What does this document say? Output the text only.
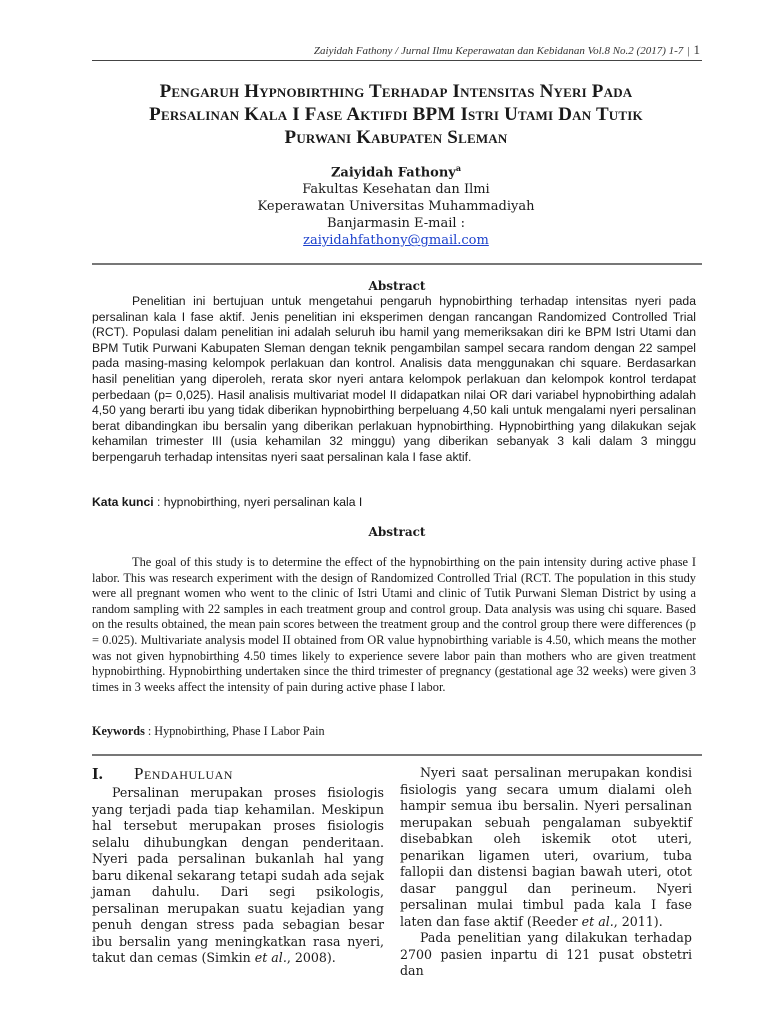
Zaiyidah Fathony / Jurnal Ilmu Keperawatan dan Kebidanan Vol.8 No.2 (2017) 1-7 | 1
Pengaruh Hypnobirthing Terhadap Intensitas Nyeri Pada
Persalinan Kala I Fase Aktifdi BPM Istri Utami Dan Tutik
Purwani Kabupaten Sleman
Zaiyidah Fathony$^a$
Fakultas Kesehatan dan Ilmi
Keperawatan Universitas Muhammadiyah
Banjarmasin E-mail :
zaiyidahfathony@gmail.com
Abstract

Penelitian ini bertujuan untuk mengetahui pengaruh hypnobirthing terhadap intensitas nyeri pada persalinan kala I fase aktif. Jenis penelitian ini eksperimen dengan rancangan Randomized Controlled Trial (RCT). Populasi dalam penelitian ini adalah seluruh ibu hamil yang memeriksakan diri ke BPM Istri Utami dan BPM Tutik Purwani Kabupaten Sleman dengan teknik pengambilan sampel secara random dengan 22 sampel pada masing-masing kelompok perlakuan dan kontrol. Analisis data menggunakan chi square. Berdasarkan hasil penelitian yang diperoleh, rerata skor nyeri antara kelompok perlakuan dan kelompok kontrol terdapat perbedaan (p= 0,025). Hasil analisis multivariat model II didapatkan nilai OR dari variabel hypnobirthing adalah 4,50 yang berarti ibu yang tidak diberikan hypnobirthing berpeluang 4,50 kali untuk mengalami nyeri persalinan berat dibandingkan ibu bersalin yang diberikan perlakuan hypnobirthing. Hypnobirthing yang dilakukan sejak kehamilan trimester III (usia kehamilan 32 minggu) yang diberikan sebanyak 3 kali dalam 3 minggu berpengaruh terhadap intensitas nyeri saat persalinan kala I fase aktif.

Kata kunci : hypnobirthing, nyeri persalinan kala I

Abstract

The goal of this study is to determine the effect of the hypnobirthing on the pain intensity during active phase I labor. This was research experiment with the design of Randomized Controlled Trial (RCT. The population in this study were all pregnant women who went to the clinic of Istri Utami and clinic of Tutik Purwani Sleman District by using a random sampling with 22 samples in each treatment group and control group. Data analysis was using chi square. Based on the results obtained, the mean pain scores between the treatment group and the control group there were differences (p = 0.025). Multivariate analysis model II obtained from OR value hypnobirthing variable is 4.50, which means the mother was not given hypnobirthing 4.50 times likely to experience severe labor pain than mothers who are given treatment hypnobirthing. Hypnobirthing undertaken since the third trimester of pregnancy (gestational age 32 weeks) were given 3 times in 3 weeks affect the intensity of pain during active phase I labor.

Keywords : Hypnobirthing, Phase I Labor Pain

I. Pendahuluan

Persalinan merupakan proses fisiologis yang terjadi pada tiap kehamilan. Meskipun hal tersebut merupakan proses fisiologis selalu dihubungkan dengan penderitaan. Nyeri pada persalinan bukanlah hal yang baru dikenal sekarang tetapi sudah ada sejak jaman dahulu. Dari segi psikologis, persalinan merupakan suatu kejadian yang penuh dengan stress pada sebagian besar ibu bersalin yang meningkatkan rasa nyeri, takut dan cemas (Simkin et al., 2008).

Nyeri saat persalinan merupakan kondisi fisiologis yang secara umum dialami oleh hampir semua ibu bersalin. Nyeri persalinan merupakan sebuah pengalaman subyektif disebabkan oleh iskemik otot uteri, penarikan ligamen uteri, ovarium, tuba fallopii dan distensi bagian bawah uteri, otot dasar panggul dan perineum. Nyeri persalinan mulai timbul pada kala I fase laten dan fase aktif (Reeder et al., 2011).

Pada penelitian yang dilakukan terhadap 2700 pasien inpartu di 121 pusat obstetri dan
